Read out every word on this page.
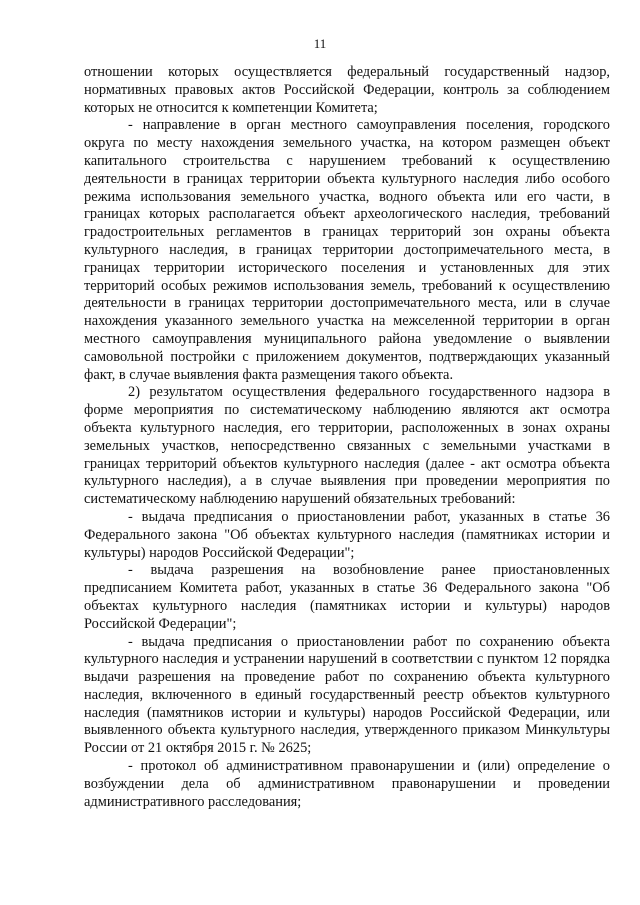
11

отношении которых осуществляется федеральный государственный надзор, нормативных правовых актов Российской Федерации, контроль за соблюдением которых не относится к компетенции Комитета;

- направление в орган местного самоуправления поселения, городского округа по месту нахождения земельного участка, на котором размещен объект капитального строительства с нарушением требований к осуществлению деятельности в границах территории объекта культурного наследия либо особого режима использования земельного участка, водного объекта или его части, в границах которых располагается объект археологического наследия, требований градостроительных регламентов в границах территорий зон охраны объекта культурного наследия, в границах территории достопримечательного места, в границах территории исторического поселения и установленных для этих территорий особых режимов использования земель, требований к осуществлению деятельности в границах территории достопримечательного места, или в случае нахождения указанного земельного участка на межселенной территории в орган местного самоуправления муниципального района уведомление о выявлении самовольной постройки с приложением документов, подтверждающих указанный факт, в случае выявления факта размещения такого объекта.

2) результатом осуществления федерального государственного надзора в форме мероприятия по систематическому наблюдению являются акт осмотра объекта культурного наследия, его территории, расположенных в зонах охраны земельных участков, непосредственно связанных с земельными участками в границах территорий объектов культурного наследия (далее - акт осмотра объекта культурного наследия), а в случае выявления при проведении мероприятия по систематическому наблюдению нарушений обязательных требований:

- выдача предписания о приостановлении работ, указанных в статье 36 Федерального закона "Об объектах культурного наследия (памятниках истории и культуры) народов Российской Федерации";

- выдача разрешения на возобновление ранее приостановленных предписанием Комитета работ, указанных в статье 36 Федерального закона "Об объектах культурного наследия (памятниках истории и культуры) народов Российской Федерации";

- выдача предписания о приостановлении работ по сохранению объекта культурного наследия и устранении нарушений в соответствии с пунктом 12 порядка выдачи разрешения на проведение работ по сохранению объекта культурного наследия, включенного в единый государственный реестр объектов культурного наследия (памятников истории и культуры) народов Российской Федерации, или выявленного объекта культурного наследия, утвержденного приказом Минкультуры России от 21 октября 2015 г. № 2625;

- протокол об административном правонарушении и (или) определение о возбуждении дела об административном правонарушении и проведении административного расследования;
